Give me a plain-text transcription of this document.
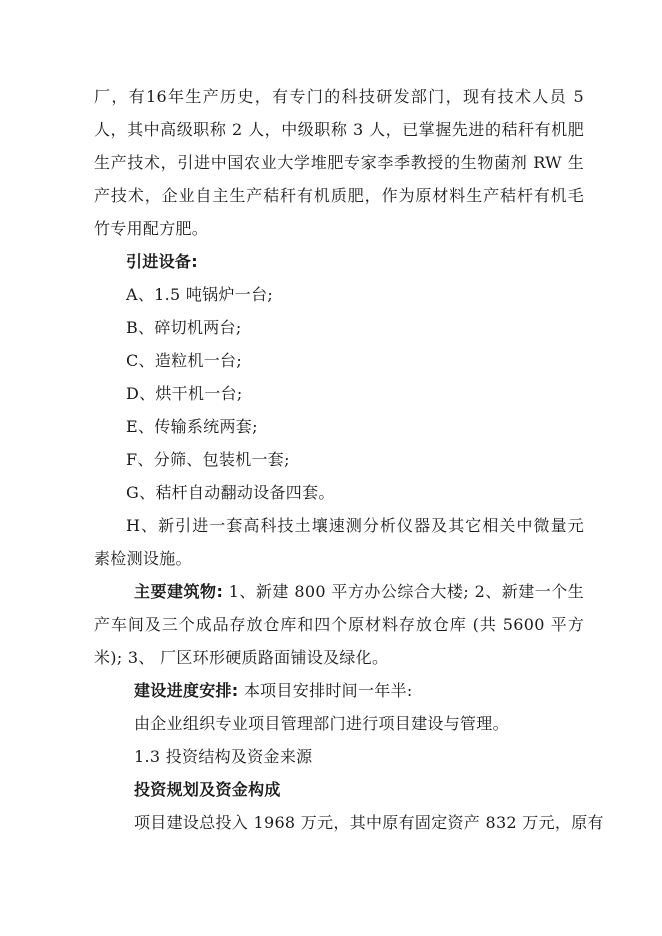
厂，有16年生产历史，有专门的科技研发部门，现有技术人员 5
人，其中高级职称 2 人，中级职称 3 人，已掌握先进的秸秆有机肥
生产技术，引进中国农业大学堆肥专家李季教授的生物菌剂 RW 生
产技术，企业自主生产秸秆有机质肥，作为原材料生产秸杆有机毛
竹专用配方肥。
引进设备:
A、1.5 吨锅炉一台;
B、碎切机两台;
C、造粒机一台;
D、烘干机一台;
E、传输系统两套;
F、分筛、包装机一套;
G、秸杆自动翻动设备四套。
H、新引进一套高科技土壤速测分析仪器及其它相关中微量元
素检测设施。
主要建筑物: 1、新建 800 平方办公综合大楼; 2、新建一个生
产车间及三个成品存放仓库和四个原材料存放仓库 (共 5600 平方
米); 3、 厂区环形硬质路面铺设及绿化。
建设进度安排: 本项目安排时间一年半:
由企业组织专业项目管理部门进行项目建设与管理。
1.3 投资结构及资金来源
投资规划及资金构成
项目建设总投入 1968 万元，其中原有固定资产 832 万元，原有
